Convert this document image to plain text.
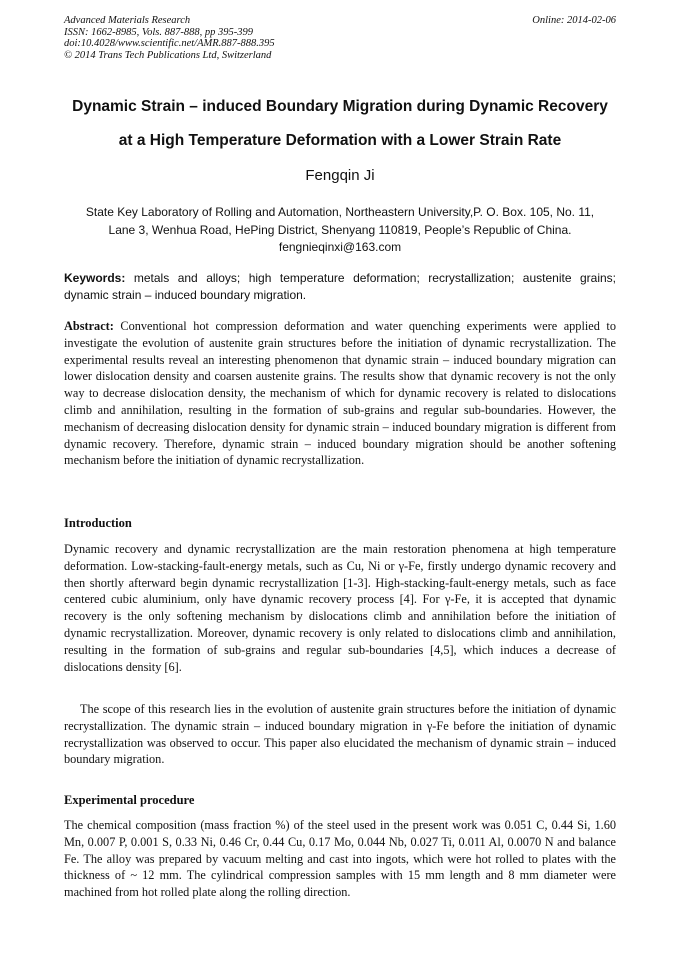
Advanced Materials Research
ISSN: 1662-8985, Vols. 887-888, pp 395-399
doi:10.4028/www.scientific.net/AMR.887-888.395
© 2014 Trans Tech Publications Ltd, Switzerland
Online: 2014-02-06
Dynamic Strain – induced Boundary Migration during Dynamic Recovery
at a High Temperature Deformation with a Lower Strain Rate
Fengqin Ji
State Key Laboratory of Rolling and Automation, Northeastern University,P. O. Box. 105, No. 11,
Lane 3, Wenhua Road, HePing District, Shenyang 110819, People’s Republic of China.
fengnieqinxi@163.com
Keywords: metals and alloys; high temperature deformation; recrystallization; austenite grains; dynamic strain – induced boundary migration.
Abstract: Conventional hot compression deformation and water quenching experiments were applied to investigate the evolution of austenite grain structures before the initiation of dynamic recrystallization. The experimental results reveal an interesting phenomenon that dynamic strain – induced boundary migration can lower dislocation density and coarsen austenite grains. The results show that dynamic recovery is not the only way to decrease dislocation density, the mechanism of which for dynamic recovery is related to dislocations climb and annihilation, resulting in the formation of sub-grains and regular sub-boundaries. However, the mechanism of decreasing dislocation density for dynamic strain – induced boundary migration is different from dynamic recovery. Therefore, dynamic strain – induced boundary migration should be another softening mechanism before the initiation of dynamic recrystallization.
Introduction
Dynamic recovery and dynamic recrystallization are the main restoration phenomena at high temperature deformation. Low-stacking-fault-energy metals, such as Cu, Ni or γ-Fe, firstly undergo dynamic recovery and then shortly afterward begin dynamic recrystallization [1-3]. High-stacking-fault-energy metals, such as face centered cubic aluminium, only have dynamic recovery process [4]. For γ-Fe, it is accepted that dynamic recovery is the only softening mechanism by dislocations climb and annihilation before the initiation of dynamic recrystallization. Moreover, dynamic recovery is only related to dislocations climb and annihilation, resulting in the formation of sub-grains and regular sub-boundaries [4,5], which induces a decrease of dislocations density [6].
The scope of this research lies in the evolution of austenite grain structures before the initiation of dynamic recrystallization. The dynamic strain – induced boundary migration in γ-Fe before the initiation of dynamic recrystallization was observed to occur. This paper also elucidated the mechanism of dynamic strain – induced boundary migration.
Experimental procedure
The chemical composition (mass fraction %) of the steel used in the present work was 0.051 C, 0.44 Si, 1.60 Mn, 0.007 P, 0.001 S, 0.33 Ni, 0.46 Cr, 0.44 Cu, 0.17 Mo, 0.044 Nb, 0.027 Ti, 0.011 Al, 0.0070 N and balance Fe. The alloy was prepared by vacuum melting and cast into ingots, which were hot rolled to plates with the thickness of ~ 12 mm. The cylindrical compression samples with 15 mm length and 8 mm diameter were machined from hot rolled plate along the rolling direction.
